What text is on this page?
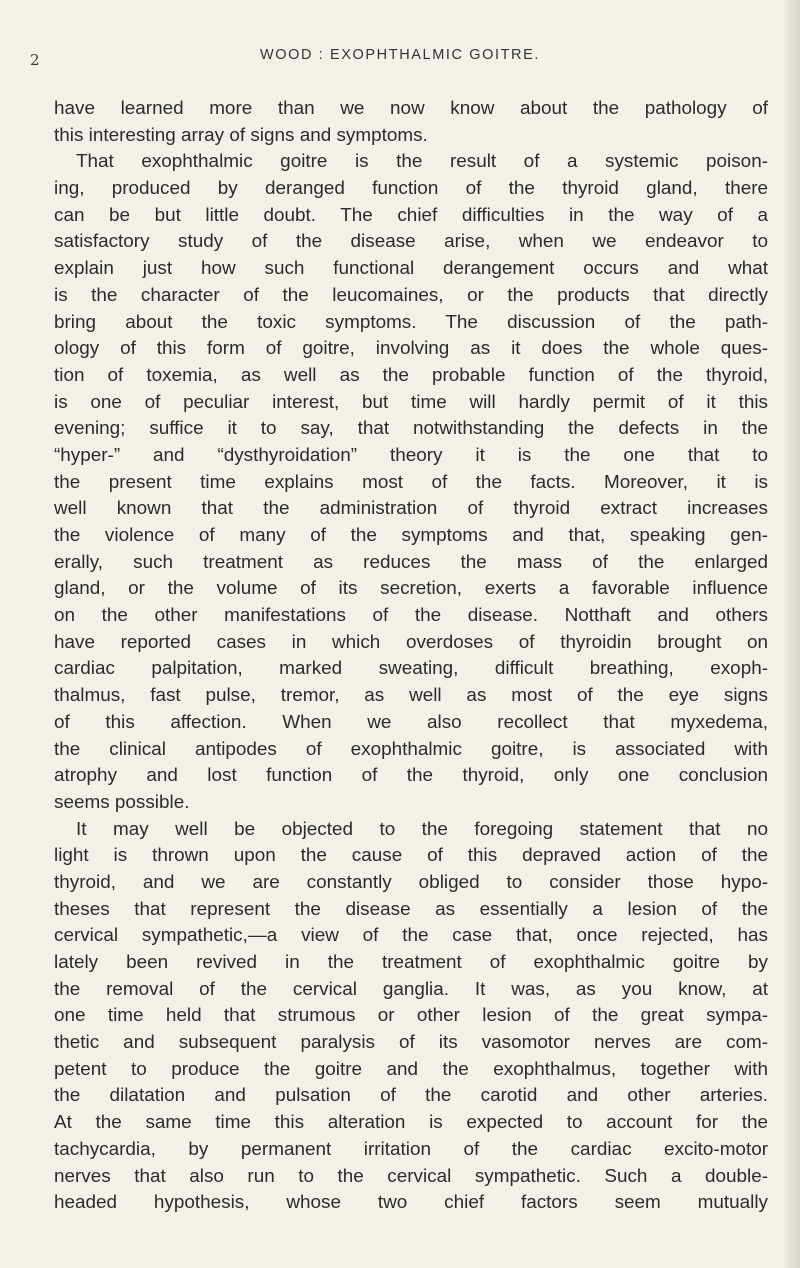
2	WOOD : EXOPHTHALMIC GOITRE.
have learned more than we now know about the pathology of
this interesting array of signs and symptoms.
That exophthalmic goitre is the result of a systemic poison-
ing, produced by deranged function of the thyroid gland, there
can be but little doubt. The chief difficulties in the way of a
satisfactory study of the disease arise, when we endeavor to
explain just how such functional derangement occurs and what
is the character of the leucomaines, or the products that directly
bring about the toxic symptoms. The discussion of the path-
ology of this form of goitre, involving as it does the whole ques-
tion of toxemia, as well as the probable function of the thyroid,
is one of peculiar interest, but time will hardly permit of it this
evening; suffice it to say, that notwithstanding the defects in the
“hyper-” and “dysthyroidation” theory it is the one that to
the present time explains most of the facts. Moreover, it is
well known that the administration of thyroid extract increases
the violence of many of the symptoms and that, speaking gen-
erally, such treatment as reduces the mass of the enlarged
gland, or the volume of its secretion, exerts a favorable influence
on the other manifestations of the disease. Notthaft and others
have reported cases in which overdoses of thyroidin brought on
cardiac palpitation, marked sweating, difficult breathing, exoph-
thalmus, fast pulse, tremor, as well as most of the eye signs
of this affection. When we also recollect that myxedema,
the clinical antipodes of exophthalmic goitre, is associated with
atrophy and lost function of the thyroid, only one conclusion
seems possible.
It may well be objected to the foregoing statement that no
light is thrown upon the cause of this depraved action of the
thyroid, and we are constantly obliged to consider those hypo-
theses that represent the disease as essentially a lesion of the
cervical sympathetic,—a view of the case that, once rejected, has
lately been revived in the treatment of exophthalmic goitre by
the removal of the cervical ganglia. It was, as you know, at
one time held that strumous or other lesion of the great sympa-
thetic and subsequent paralysis of its vasomotor nerves are com-
petent to produce the goitre and the exophthalmus, together with
the dilatation and pulsation of the carotid and other arteries.
At the same time this alteration is expected to account for the
tachycardia, by permanent irritation of the cardiac excito-motor
nerves that also run to the cervical sympathetic. Such a double-
headed hypothesis, whose two chief factors seem mutually
